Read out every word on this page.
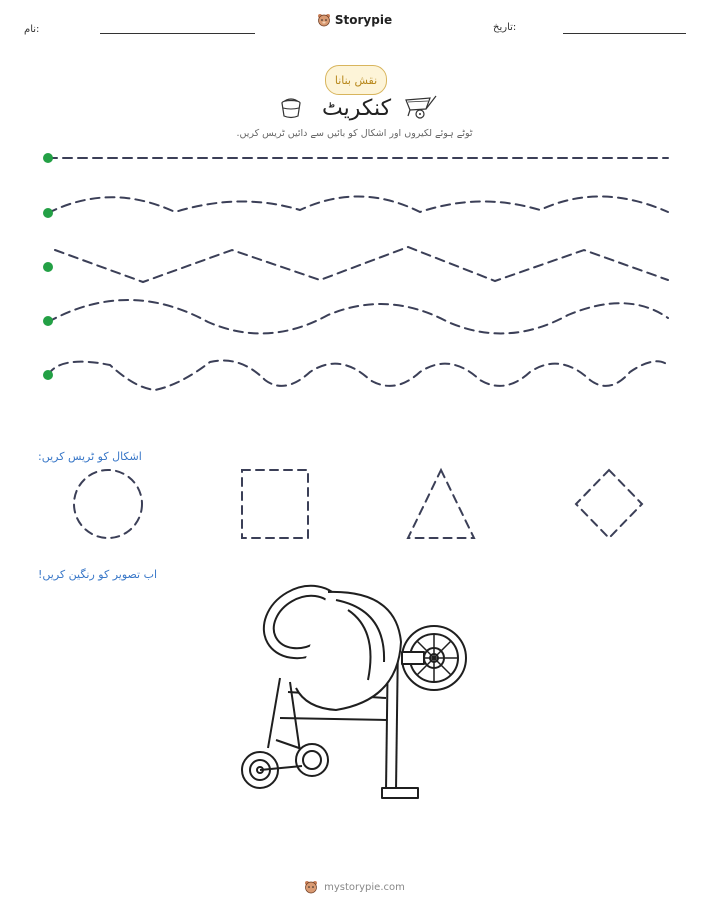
نام:
Storypie
تاریخ:
نقش بنانا
کنکریٹ
ٹوٹے ہوئے لکیروں اور اشکال کو بائیں سے دائیں ٹریس کریں.
اشکال کو ٹریس کریں:
اب تصویر کو رنگین کریں!
mystorypie.com
